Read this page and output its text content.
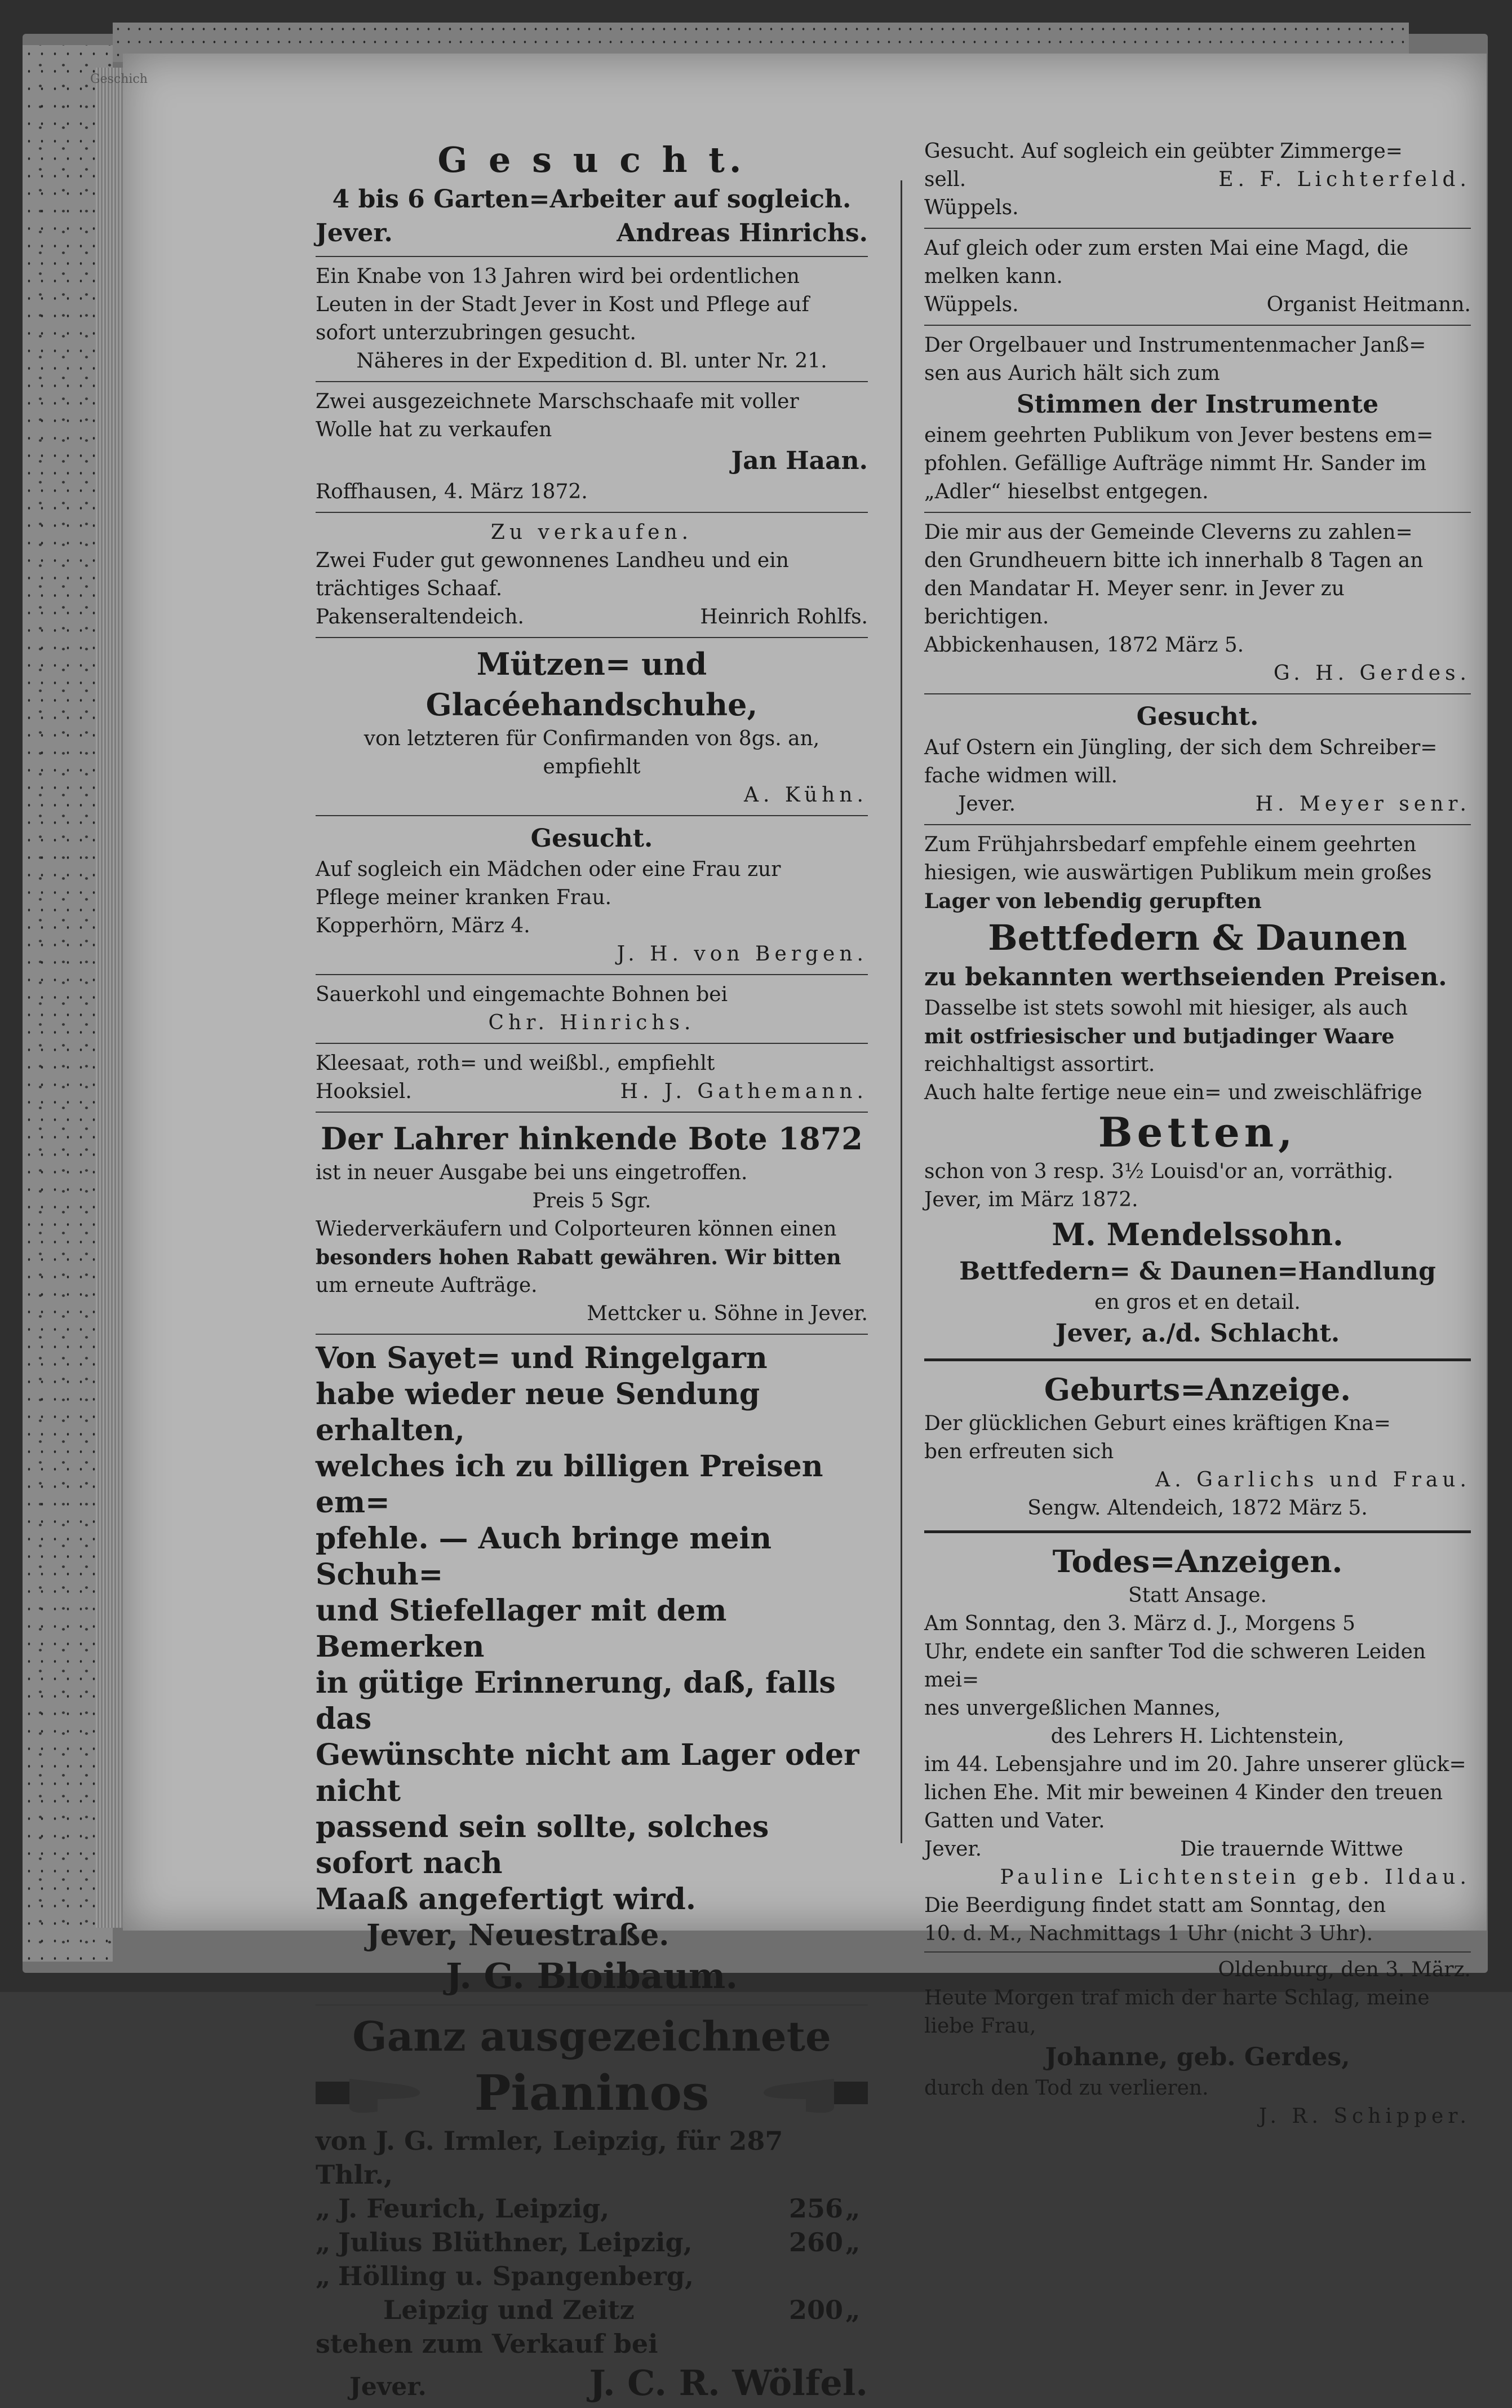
Geschich

G e s u c h t.

4 bis 6 Garten=Arbeiter auf sogleich.

Jever.	Andreas Hinrichs.

Ein Knabe von 13 Jahren wird bei ordentlichen

Leuten in der Stadt Jever in Kost und Pflege auf

sofort unterzubringen gesucht.

Näheres in der Expedition d. Bl. unter Nr. 21.

Zwei ausgezeichnete Marschschaafe mit voller

Wolle hat zu verkaufen

Jan Haan.

Roffhausen, 4. März 1872.

Zu verkaufen.

Zwei Fuder gut gewonnenes Landheu und ein

trächtiges Schaaf.

Pakenseraltendeich.	Heinrich Rohlfs.

Mützen= und Glacéehandschuhe,

von letzteren für Confirmanden von 8gs. an, empfiehlt

A. Kühn.

Gesucht.

Auf sogleich ein Mädchen oder eine Frau zur

Pflege meiner kranken Frau.

Kopperhörn, März 4.

J. H. von Bergen.

Sauerkohl und eingemachte Bohnen bei

Chr. Hinrichs.

Kleesaat, roth= und weißbl., empfiehlt

Hooksiel.	H. J. Gathemann.

Der Lahrer hinkende Bote 1872

ist in neuer Ausgabe bei uns eingetroffen.

Preis 5 Sgr.

Wiederverkäufern und Colporteuren können einen

besonders hohen Rabatt gewähren. Wir bitten

um erneute Aufträge.

Mettcker u. Söhne in Jever.

Von Sayet= und Ringelgarn

habe wieder neue Sendung erhalten,

welches ich zu billigen Preisen em=

pfehle. — Auch bringe mein Schuh=

und Stiefellager mit dem Bemerken

in gütige Erinnerung, daß, falls das

Gewünschte nicht am Lager oder nicht

passend sein sollte, solches sofort nach

Maaß angefertigt wird.

Jever, Neuestraße.

J. G. Bloibaum.

Ganz ausgezeichnete

Pianinos

von J. G. Irmler, Leipzig, für 287 Thlr.,

„ J. Feurich, Leipzig,	256 „
„ Julius Blüthner, Leipzig,	260 „
„ Hölling u. Spangenberg,
Leipzig und Zeitz	200 „

stehen zum Verkauf bei

Jever.	J. C. R. Wölfel.

Gesucht. Auf sogleich ein geübter Zimmerge=

sell.	E. F. Lichterfeld.

Wüppels.

Auf gleich oder zum ersten Mai eine Magd, die

melken kann.

Wüppels.	Organist Heitmann.

Der Orgelbauer und Instrumentenmacher Janß=

sen aus Aurich hält sich zum

Stimmen der Instrumente

einem geehrten Publikum von Jever bestens em=

pfohlen. Gefällige Aufträge nimmt Hr. Sander im

„Adler“ hieselbst entgegen.

Die mir aus der Gemeinde Cleverns zu zahlen=

den Grundheuern bitte ich innerhalb 8 Tagen an

den Mandatar H. Meyer senr. in Jever zu berichtigen.

Abbickenhausen, 1872 März 5.

G. H. Gerdes.

Gesucht.

Auf Ostern ein Jüngling, der sich dem Schreiber=

fache widmen will.

Jever.	H. Meyer senr.

Zum Frühjahrsbedarf empfehle einem geehrten

hiesigen, wie auswärtigen Publikum mein großes

Lager von lebendig gerupften

Bettfedern & Daunen

zu bekannten werthseienden Preisen.

Dasselbe ist stets sowohl mit hiesiger, als auch

mit ostfriesischer und butjadinger Waare

reichhaltigst assortirt.

Auch halte fertige neue ein= und zweischläfrige

Betten,

schon von 3 resp. 3½ Louisd'or an, vorräthig.

Jever, im März 1872.

M. Mendelssohn.

Bettfedern= & Daunen=Handlung

en gros et en detail.

Jever, a./d. Schlacht.

Geburts=Anzeige.

Der glücklichen Geburt eines kräftigen Kna=

ben erfreuten sich

A. Garlichs und Frau.

Sengw. Altendeich, 1872 März 5.

Todes=Anzeigen.

Statt Ansage.

Am Sonntag, den 3. März d. J., Morgens 5

Uhr, endete ein sanfter Tod die schweren Leiden mei=

nes unvergeßlichen Mannes,

des Lehrers H. Lichtenstein,

im 44. Lebensjahre und im 20. Jahre unserer glück=

lichen Ehe. Mit mir beweinen 4 Kinder den treuen

Gatten und Vater.

Jever.	Die trauernde Wittwe

Pauline Lichtenstein geb. Ildau.

Die Beerdigung findet statt am Sonntag, den

10. d. M., Nachmittags 1 Uhr (nicht 3 Uhr).

Oldenburg, den 3. März.

Heute Morgen traf mich der harte Schlag, meine

liebe Frau,

Johanne, geb. Gerdes,

durch den Tod zu verlieren.

J. R. Schipper.
